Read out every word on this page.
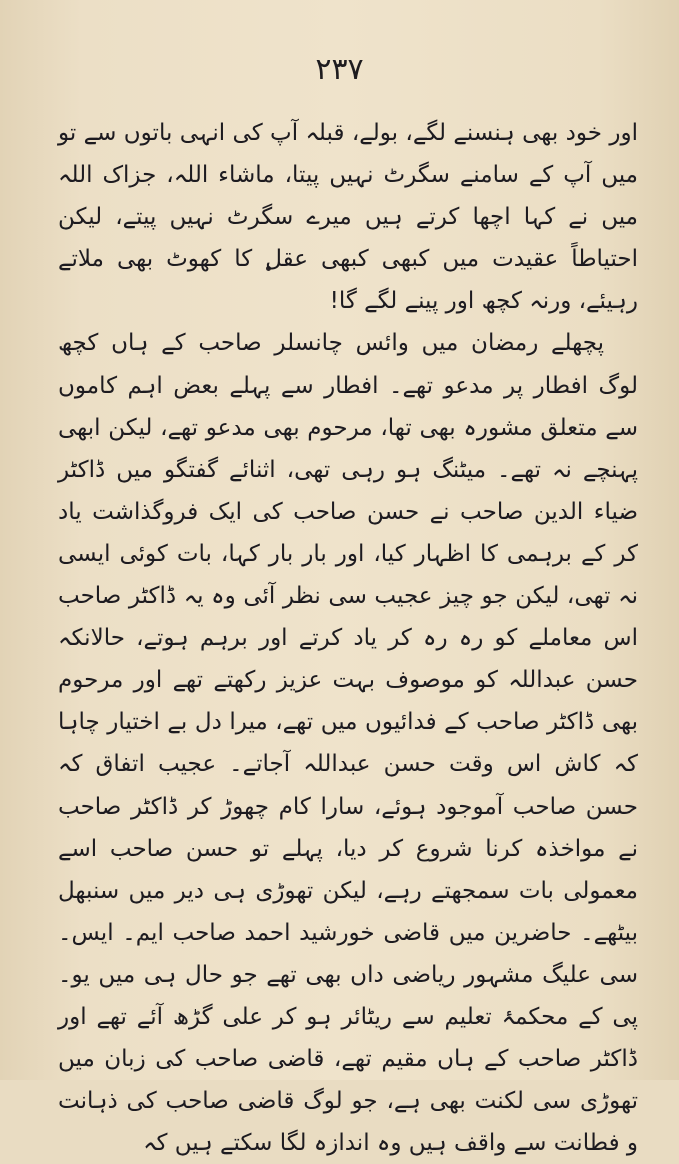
۲۳۷

اور خود بھی ہنسنے لگے، بولے، قبلہ آپ کی انہی باتوں سے تو میں آپ کے سامنے سگرٹ نہیں پیتا، ماشاء اللہ، جزاک اللہ میں نے کہا اچھا کرتے ہیں میرے سگرٹ نہیں پیتے، لیکن احتیاطاً عقیدت میں کبھی کبھی عقل کا کھوٹ بھی ملاتے رہیئے، ورنہ کچھ اور پینے لگے گا!

پچھلے رمضان میں وائس چانسلر صاحب کے ہاں کچھ لوگ افطار پر مدعو تھے۔ افطار سے پہلے بعض اہم کاموں سے متعلق مشورہ بھی تھا، مرحوم بھی مدعو تھے، لیکن ابھی پہنچے نہ تھے۔ میٹنگ ہو رہی تھی، اثنائے گفتگو میں ڈاکٹر ضیاء الدین صاحب نے حسن صاحب کی ایک فروگذاشت یاد کر کے برہمی کا اظہار کیا، اور بار بار کہا، بات کوئی ایسی نہ تھی، لیکن جو چیز عجیب سی نظر آئی وہ یہ ڈاکٹر صاحب اس معاملے کو رہ رہ کر یاد کرتے اور برہم ہوتے، حالانکہ حسن عبداللہ کو موصوف بہت عزیز رکھتے تھے اور مرحوم بھی ڈاکٹر صاحب کے فدائیوں میں تھے، میرا دل بے اختیار چاہا کہ کاش اس وقت حسن عبداللہ آجاتے۔ عجیب اتفاق کہ حسن صاحب آموجود ہوئے، سارا کام چھوڑ کر ڈاکٹر صاحب نے مواخذہ کرنا شروع کر دیا، پہلے تو حسن صاحب اسے معمولی بات سمجھتے رہے، لیکن تھوڑی ہی دیر میں سنبھل بیٹھے۔ حاضرین میں قاضی خورشید احمد صاحب ایم۔ ایس۔ سی علیگ مشہور ریاضی داں بھی تھے جو حال ہی میں یو۔پی کے محکمۂ تعلیم سے ریٹائر ہو کر علی گڑھ آئے تھے اور ڈاکٹر صاحب کے ہاں مقیم تھے، قاضی صاحب کی زبان میں تھوڑی سی لکنت بھی ہے، جو لوگ قاضی صاحب کی ذہانت و فطانت سے واقف ہیں وہ اندازہ لگا سکتے ہیں کہ
